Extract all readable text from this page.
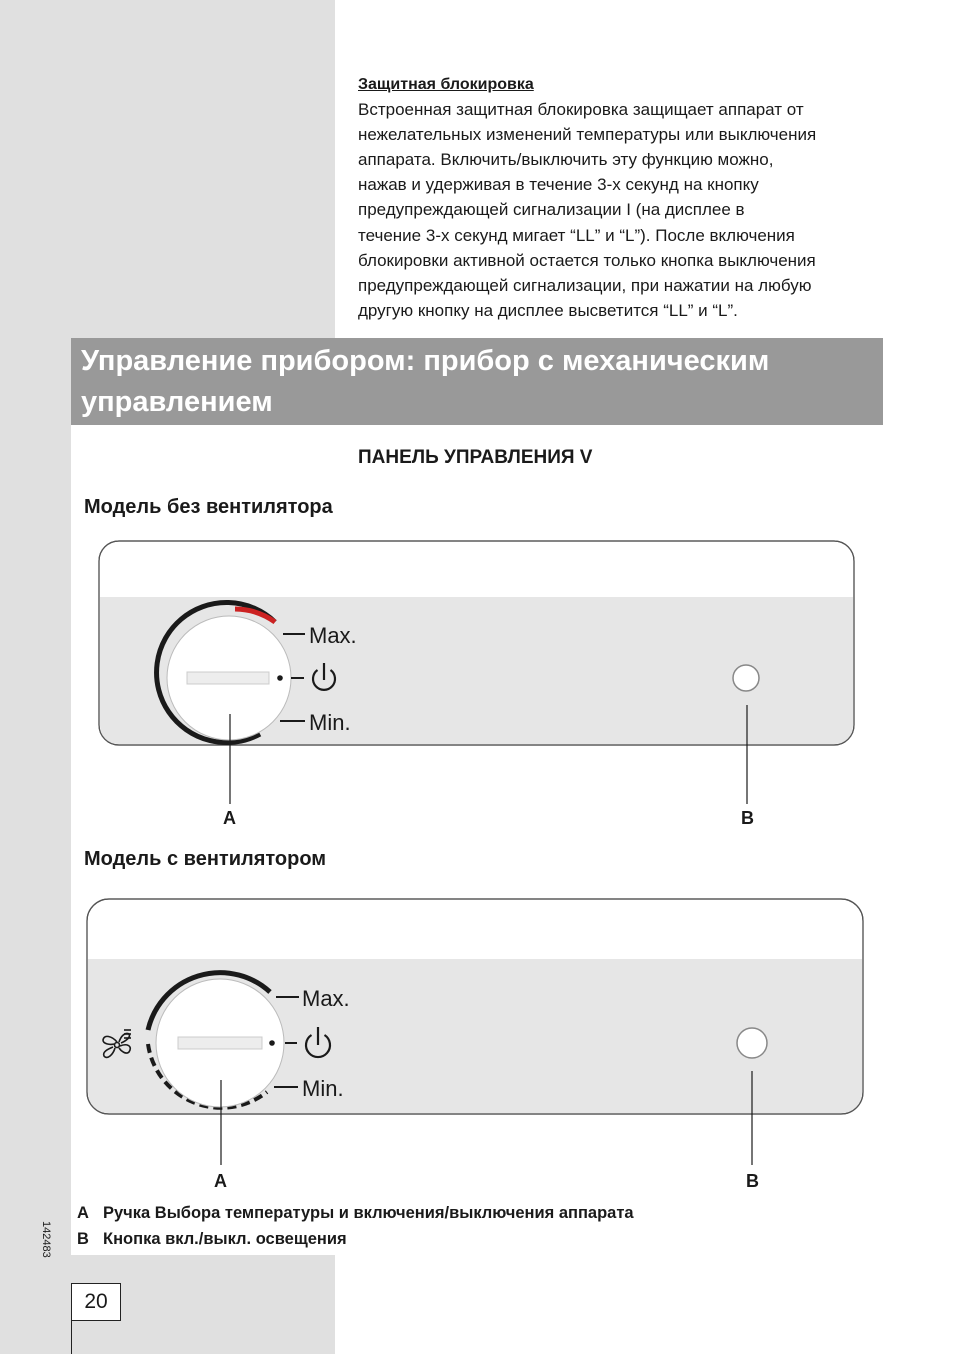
Защитная блокировка
Встроенная защитная блокировка защищает аппарат от
нежелательных изменений температуры или выключения
аппарата. Включить/выключить эту функцию можно,
нажав и удерживая в течение 3-х секунд на кнопку
предупреждающей сигнализации I (на дисплее в
течение 3-х секунд мигает “LL” и “L”). После включения
блокировки активной остается только кнопка выключения
предупреждающей сигнализации, при нажатии на любую
другую кнопку на дисплее высветится “LL” и “L”.
Управление прибором: прибор с механическим
управлением
ПАНЕЛЬ УПРАВЛЕНИЯ V
Модель без вентилятора
Модель с вентилятором
Max.
Min.
Max.
Min.
A	B
A	B
A Ручка Выбора температуры и включения/выключения аппарата
B Кнопка вкл./выкл. освещения
142483
20
